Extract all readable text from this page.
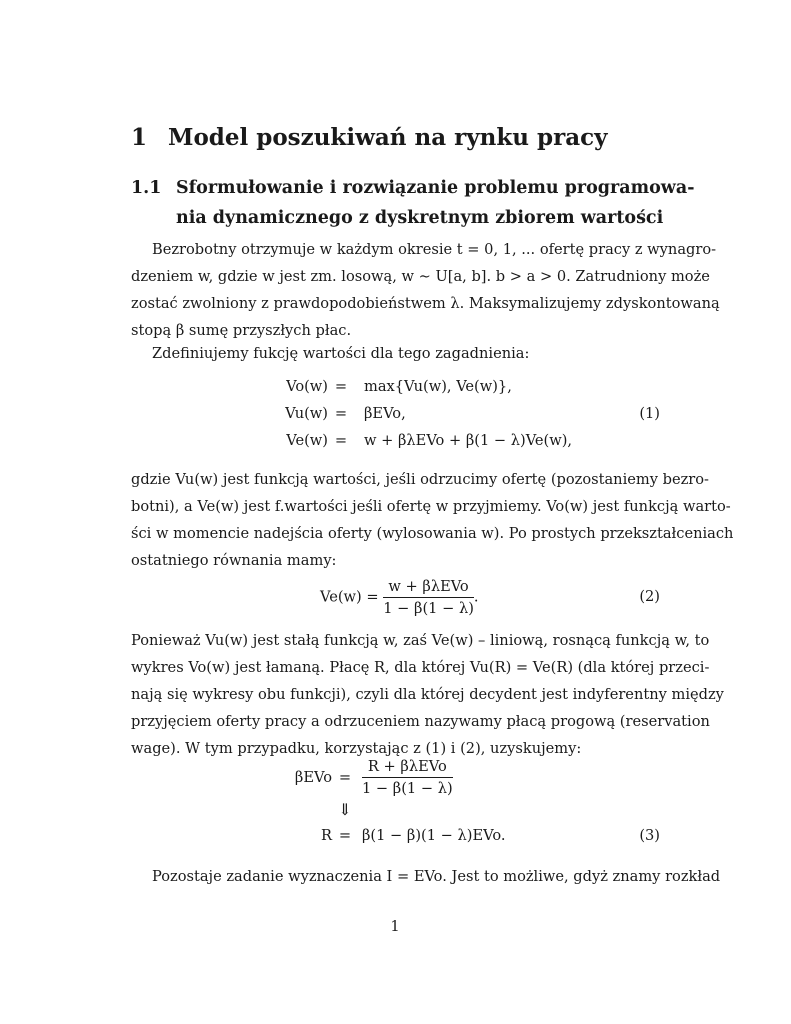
1 Model poszukiwań na rynku pracy
1.1 Sformułowanie i rozwiązanie problemu programowa-
nia dynamicznego z dyskretnym zbiorem wartości
Bezrobotny otrzymuje w każdym okresie t = 0, 1, ... ofertę pracy z wynagro-
dzeniem w, gdzie w jest zm. losową, w ∼ U[a, b]. b > a > 0. Zatrudniony może
zostać zwolniony z prawdopodobieństwem λ. Maksymalizujemy zdyskontowaną
stopą β sumę przyszłych płac.
Zdefiniujemy fukcję wartości dla tego zagadnienia:
Vo(w) =	max{Vu(w), Ve(w)},
Vu(w) =	βEVo,
Ve(w) =	w + βλEVo + β(1 − λ)Ve(w),
(1)
gdzie Vu(w) jest funkcją wartości, jeśli odrzucimy ofertę (pozostaniemy bezro-
botni), a Ve(w) jest f.wartości jeśli ofertę w przyjmiemy. Vo(w) jest funkcją warto-
ści w momencie nadejścia oferty (wylosowania w). Po prostych przekształceniach
ostatniego równania mamy:
$Ve(w) = \frac{\text{w + βλEVo}}{1 - \beta(1 - \lambda)}$ .	(2)
Ponieważ Vu(w) jest stałą funkcją w, zaś Ve(w) – liniową, rosnącą funkcją w, to
wykres Vo(w) jest łamaną. Płacę R, dla której Vu(R) = Ve(R) (dla której przeci-
nają się wykresy obu funkcji), czyli dla której decydent jest indyferentny między
przyjęciem oferty pracy a odrzuceniem nazywamy płacą progową (reservation
wage). W tym przypadku, korzystając z (1) i (2), uzyskujemy:
$\beta EVo = \frac{\text{R + βλEVo}}{1 - \beta(1 - \lambda)}$
⇓
R = β(1 − β)(1 − λ)EVo.	(3)
Pozostaje zadanie wyznaczenia I = EVo. Jest to możliwe, gdyż znamy rozkład
1
